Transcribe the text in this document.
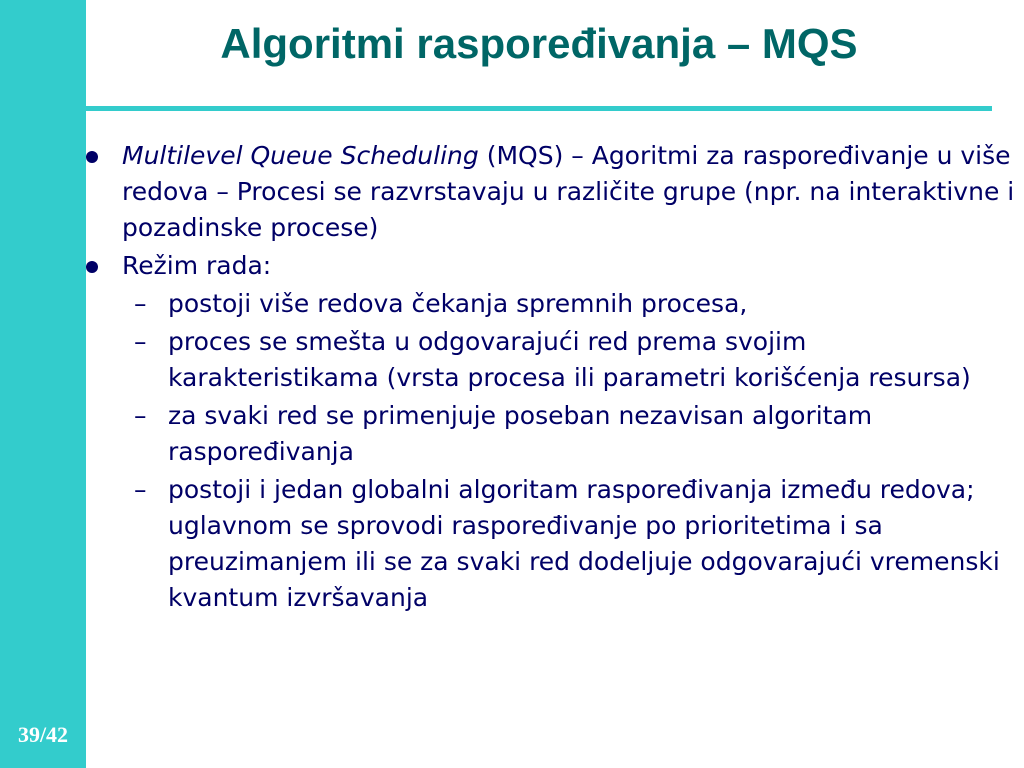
39/42
Algoritmi raspoređivanja – MQS
Multilevel Queue Scheduling (MQS) – Agoritmi za raspoređivanje u više redova – Procesi se razvrstavaju u različite grupe (npr. na interaktivne i pozadinske procese)
Režim rada:
– postoji više redova čekanja spremnih procesa,
– proces se smešta u odgovarajući red prema svojim karakteristikama (vrsta procesa ili parametri korišćenja resursa)
– za svaki red se primenjuje poseban nezavisan algoritam raspoređivanja
– postoji i jedan globalni algoritam raspoređivanja između redova; uglavnom se sprovodi raspoređivanje po prioritetima i sa preuzimanjem ili se za svaki red dodeljuje odgovarajući vremenski kvantum izvršavanja
